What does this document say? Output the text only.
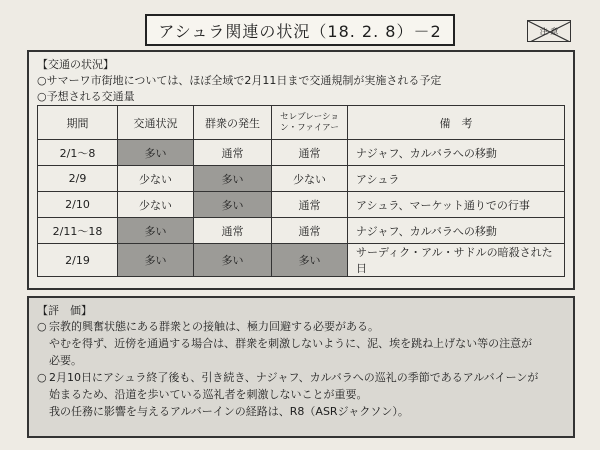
アシュラ関連の状況（18. 2. 8）－2	注 意
【交通の状況】
○サマーワ市街地については、ほぼ全域で2月11日まで交通規制が実施される予定
○予想される交通量
期間	交通状況	群衆の発生	セレブレーショ
ン・ファイアー	備　考
2/1～8	多い	通常	通常	ナジャフ、カルバラへの移動
2/9	少ない	多い	少ない	アシュラ
2/10	少ない	多い	通常	アシュラ、マーケット通りでの行事
2/11～18	多い	通常	通常	ナジャフ、カルバラへの移動
2/19	多い	多い	多い	サーディク・アル・サドルの暗殺された日
【評　価】
○ 宗教的興奮状態にある群衆との接触は、極力回避する必要がある。
やむを得ず、近傍を通過する場合は、群衆を刺激しないように、泥、埃を跳ね上げない等の注意が
必要。
○ 2月10日にアシュラ終了後も、引き続き、ナジャフ、カルバラへの巡礼の季節であるアルバイーンが
始まるため、沿道を歩いている巡礼者を刺激しないことが重要。
我の任務に影響を与えるアルバーインの経路は、R8（ASRジャクソン）。
